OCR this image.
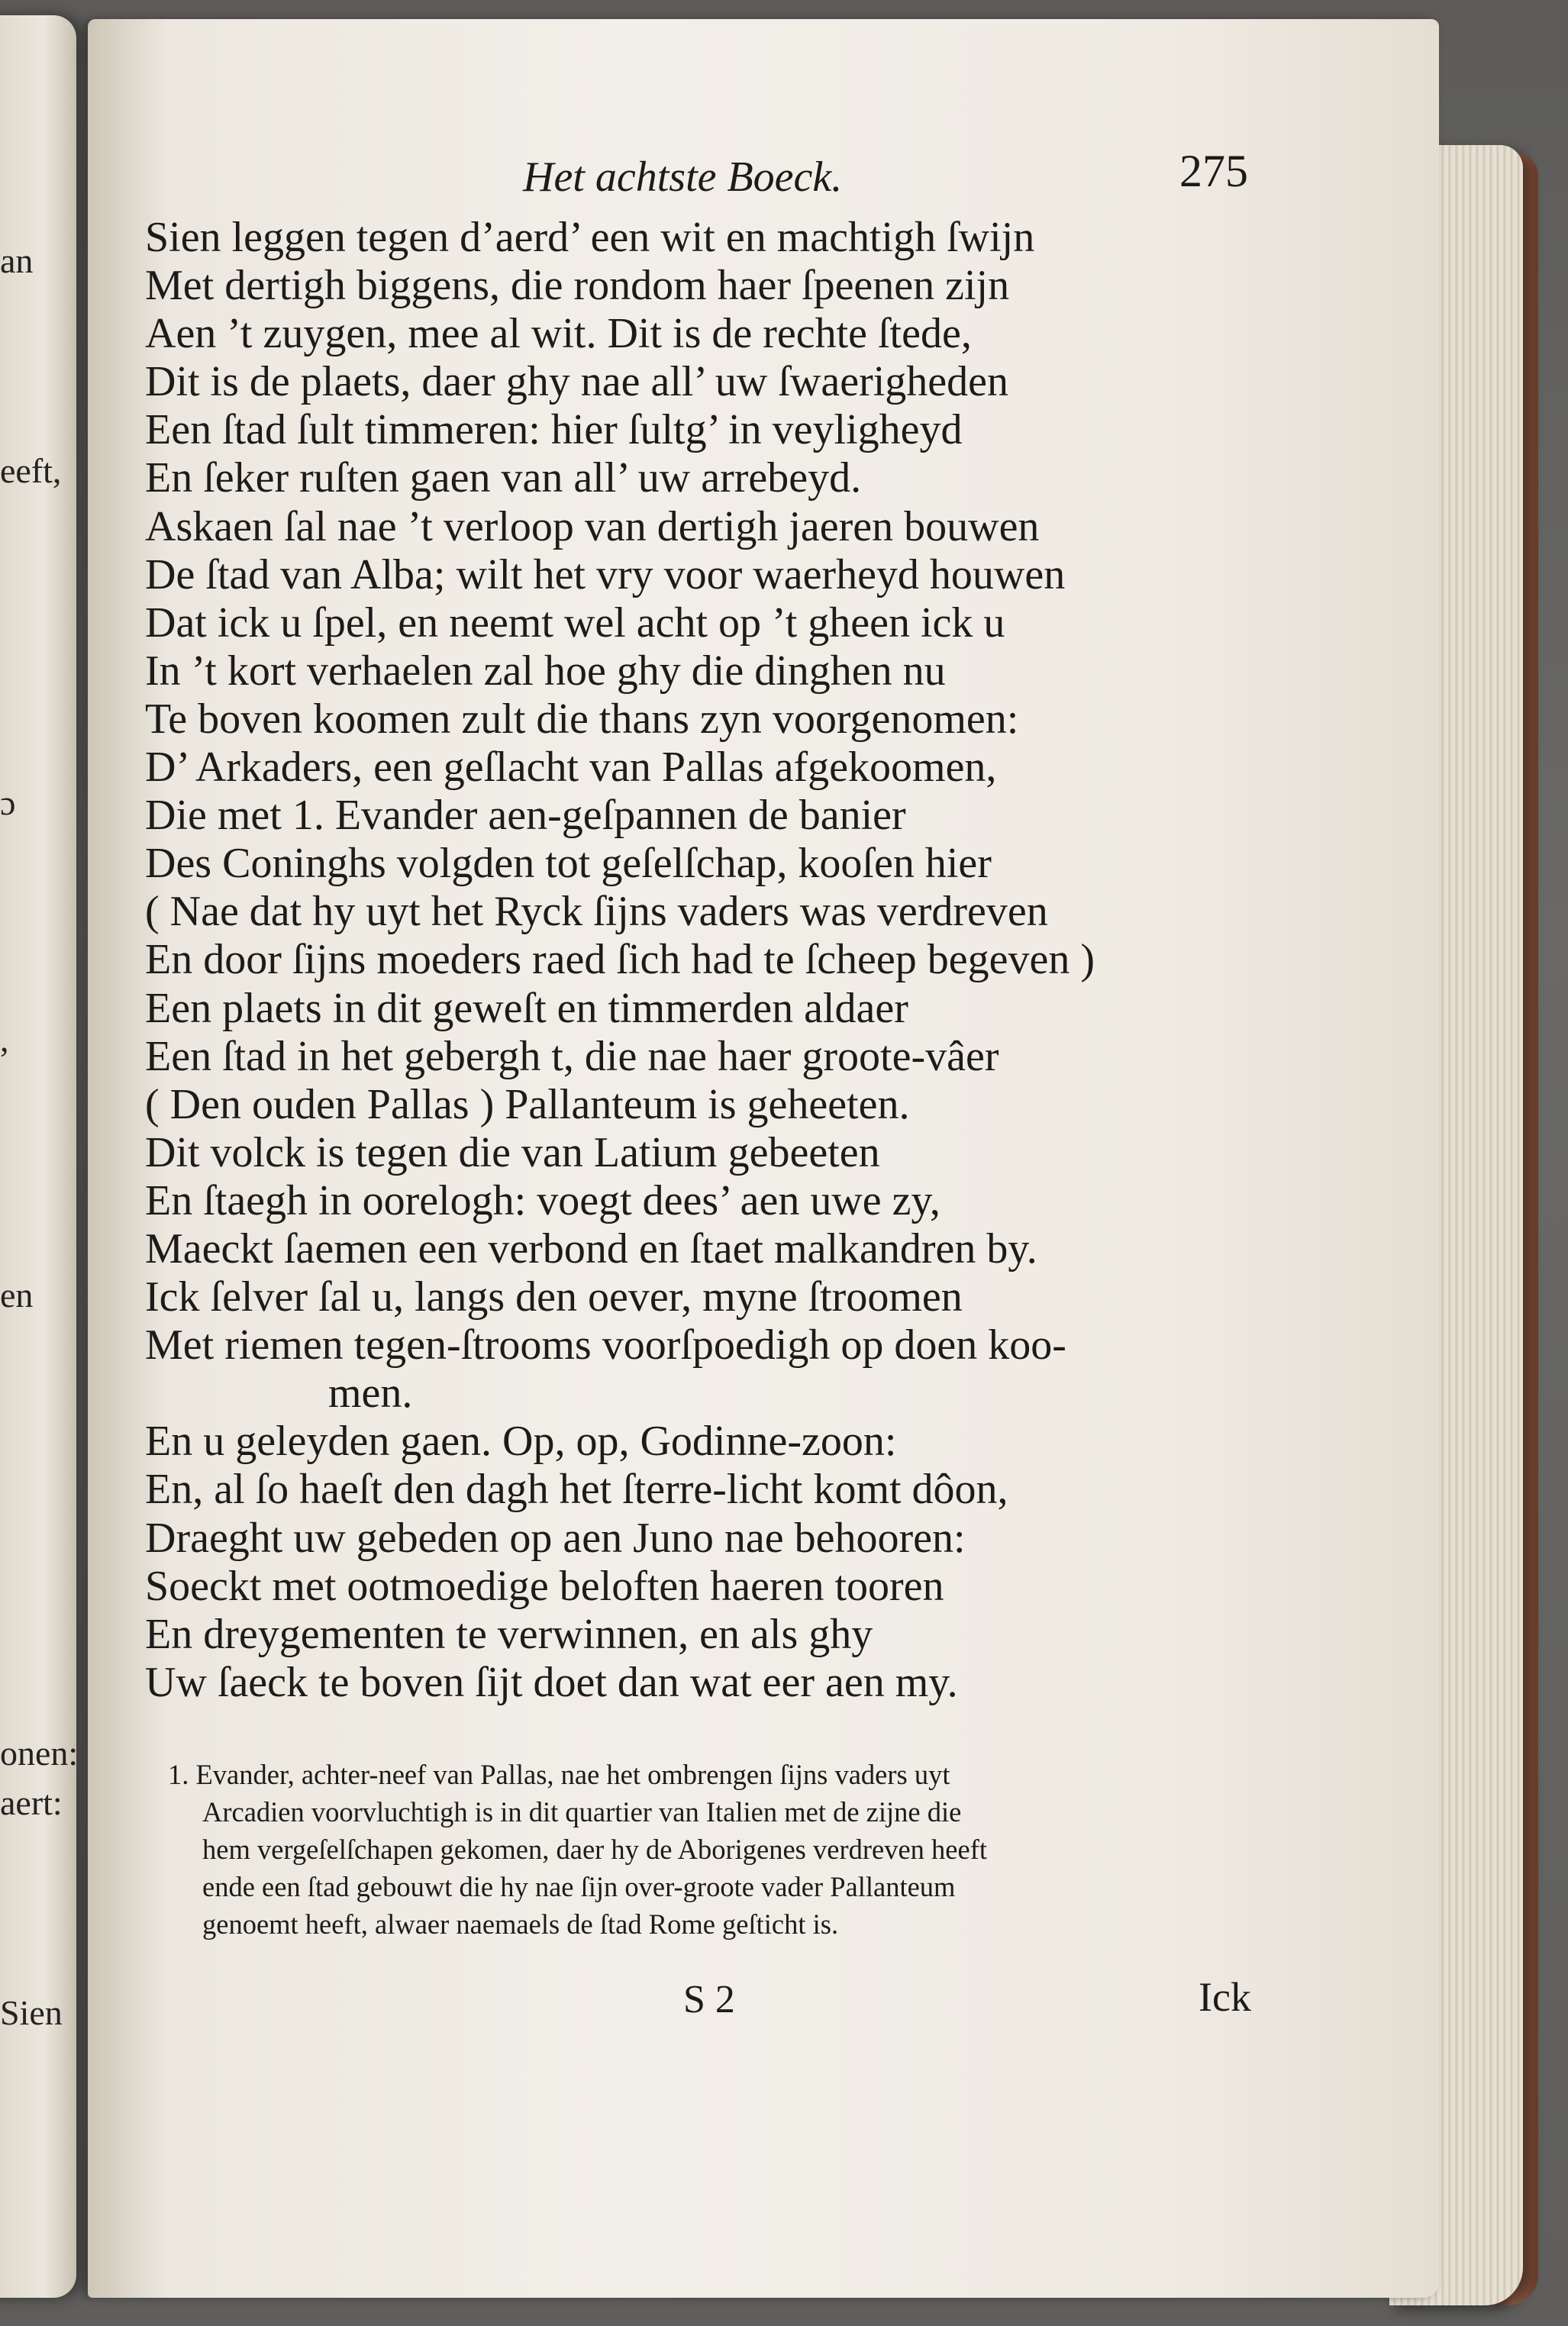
an
eeft,
ɔ
,
en
onen:
aert:
Sien
Het achtste Boeck.	275
Sien leggen tegen d’aerd’ een wit en machtigh ſwijn
Met dertigh biggens, die rondom haer ſpeenen zijn
Aen ’t zuygen, mee al wit. Dit is de rechte ſtede,
Dit is de plaets, daer ghy nae all’ uw ſwaerigheden
Een ſtad ſult timmeren: hier ſultg’ in veyligheyd
En ſeker ruſten gaen van all’ uw arrebeyd.
Askaen ſal nae ’t verloop van dertigh jaeren bouwen
De ſtad van Alba; wilt het vry voor waerheyd houwen
Dat ick u ſpel, en neemt wel acht op ’t gheen ick u
In ’t kort verhaelen zal hoe ghy die dinghen nu
Te boven koomen zult die thans zyn voorgenomen:
D’ Arkaders, een geſlacht van Pallas afgekoomen,
Die met 1. Evander aen-geſpannen de banier
Des Coninghs volgden tot geſelſchap, kooſen hier
( Nae dat hy uyt het Ryck ſijns vaders was verdreven
En door ſijns moeders raed ſich had te ſcheep begeven )
Een plaets in dit geweſt en timmerden aldaer
Een ſtad in het gebergh t, die nae haer groote-vâer
( Den ouden Pallas ) Pallanteum is geheeten.
Dit volck is tegen die van Latium gebeeten
En ſtaegh in oorelogh: voegt dees’ aen uwe zy,
Maeckt ſaemen een verbond en ſtaet malkandren by.
Ick ſelver ſal u, langs den oever, myne ſtroomen
Met riemen tegen-ſtrooms voorſpoedigh op doen koo-
men.
En u geleyden gaen. Op, op, Godinne-zoon:
En, al ſo haeſt den dagh het ſterre-licht komt dôon,
Draeght uw gebeden op aen Juno nae behooren:
Soeckt met ootmoedige beloften haeren tooren
En dreygementen te verwinnen, en als ghy
Uw ſaeck te boven ſijt doet dan wat eer aen my.
1. Evander, achter-neef van Pallas, nae het ombrengen ſijns vaders uyt
Arcadien voorvluchtigh is in dit quartier van Italien met de zijne die
hem vergeſelſchapen gekomen, daer hy de Aborigenes verdreven heeft
ende een ſtad gebouwt die hy nae ſijn over-groote vader Pallanteum
genoemt heeft, alwaer naemaels de ſtad Rome geſticht is.
S 2	Ick
